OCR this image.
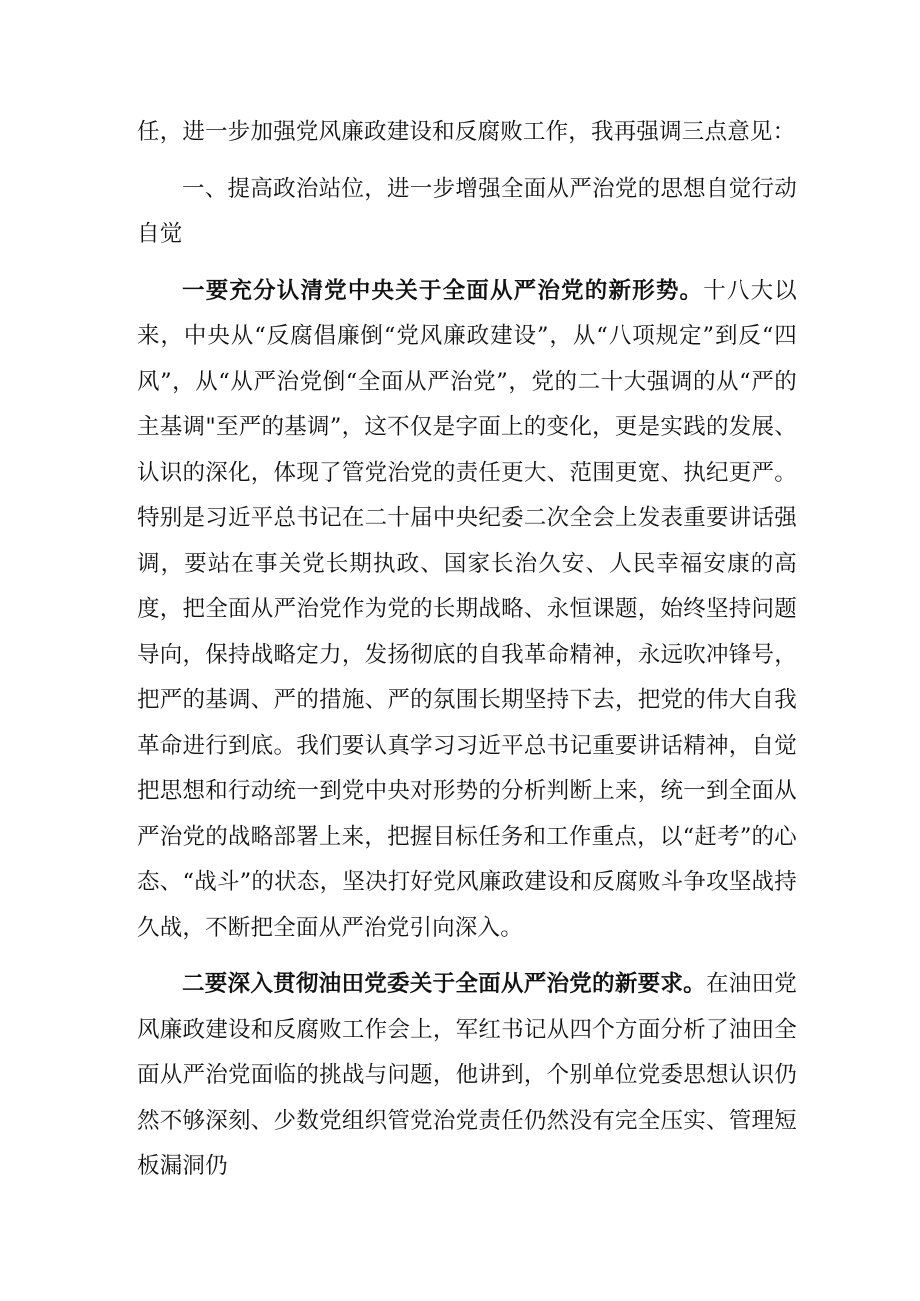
任，进一步加强党风廉政建设和反腐败工作，我再强调三点意见：

一、提高政治站位，进一步增强全面从严治党的思想自觉行动自觉

一要充分认清党中央关于全面从严治党的新形势。十八大以来，中央从“反腐倡廉倒“党风廉政建设”，从“八项规定”到反“四风”，从“从严治党倒“全面从严治党”，党的二十大强调的从“严的主基调"至严的基调”，这不仅是字面上的变化，更是实践的发展、认识的深化，体现了管党治党的责任更大、范围更宽、执纪更严。特别是习近平总书记在二十届中央纪委二次全会上发表重要讲话强调，要站在事关党长期执政、国家长治久安、人民幸福安康的高度，把全面从严治党作为党的长期战略、永恒课题，始终坚持问题导向，保持战略定力，发扬彻底的自我革命精神，永远吹冲锋号，把严的基调、严的措施、严的氛围长期坚持下去，把党的伟大自我革命进行到底。我们要认真学习习近平总书记重要讲话精神，自觉把思想和行动统一到党中央对形势的分析判断上来，统一到全面从严治党的战略部署上来，把握目标任务和工作重点，以“赶考”的心态、“战斗”的状态，坚决打好党风廉政建设和反腐败斗争攻坚战持久战，不断把全面从严治党引向深入。

二要深入贯彻油田党委关于全面从严治党的新要求。在油田党风廉政建设和反腐败工作会上，军红书记从四个方面分析了油田全面从严治党面临的挑战与问题，他讲到，个别单位党委思想认识仍然不够深刻、少数党组织管党治党责任仍然没有完全压实、管理短板漏洞仍
